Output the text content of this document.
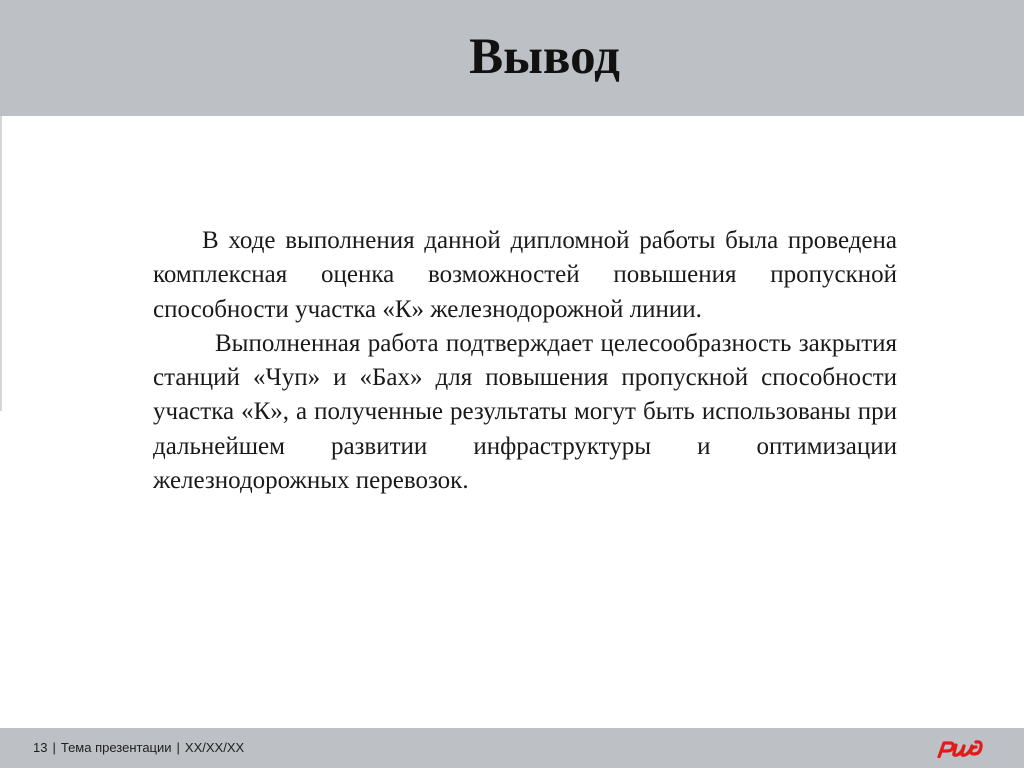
Вывод

В ходе выполнения данной дипломной работы была проведена комплексная оценка возможностей повышения пропускной способности участка «К» железнодорожной линии.

Выполненная работа подтверждает целесообразность закрытия станций «Чуп» и «Бах» для повышения пропускной способности участка «К», а полученные результаты могут быть использованы при дальнейшем развитии инфраструктуры и оптимизации железнодорожных перевозок.

13 | Тема презентации | XX/XX/XX
